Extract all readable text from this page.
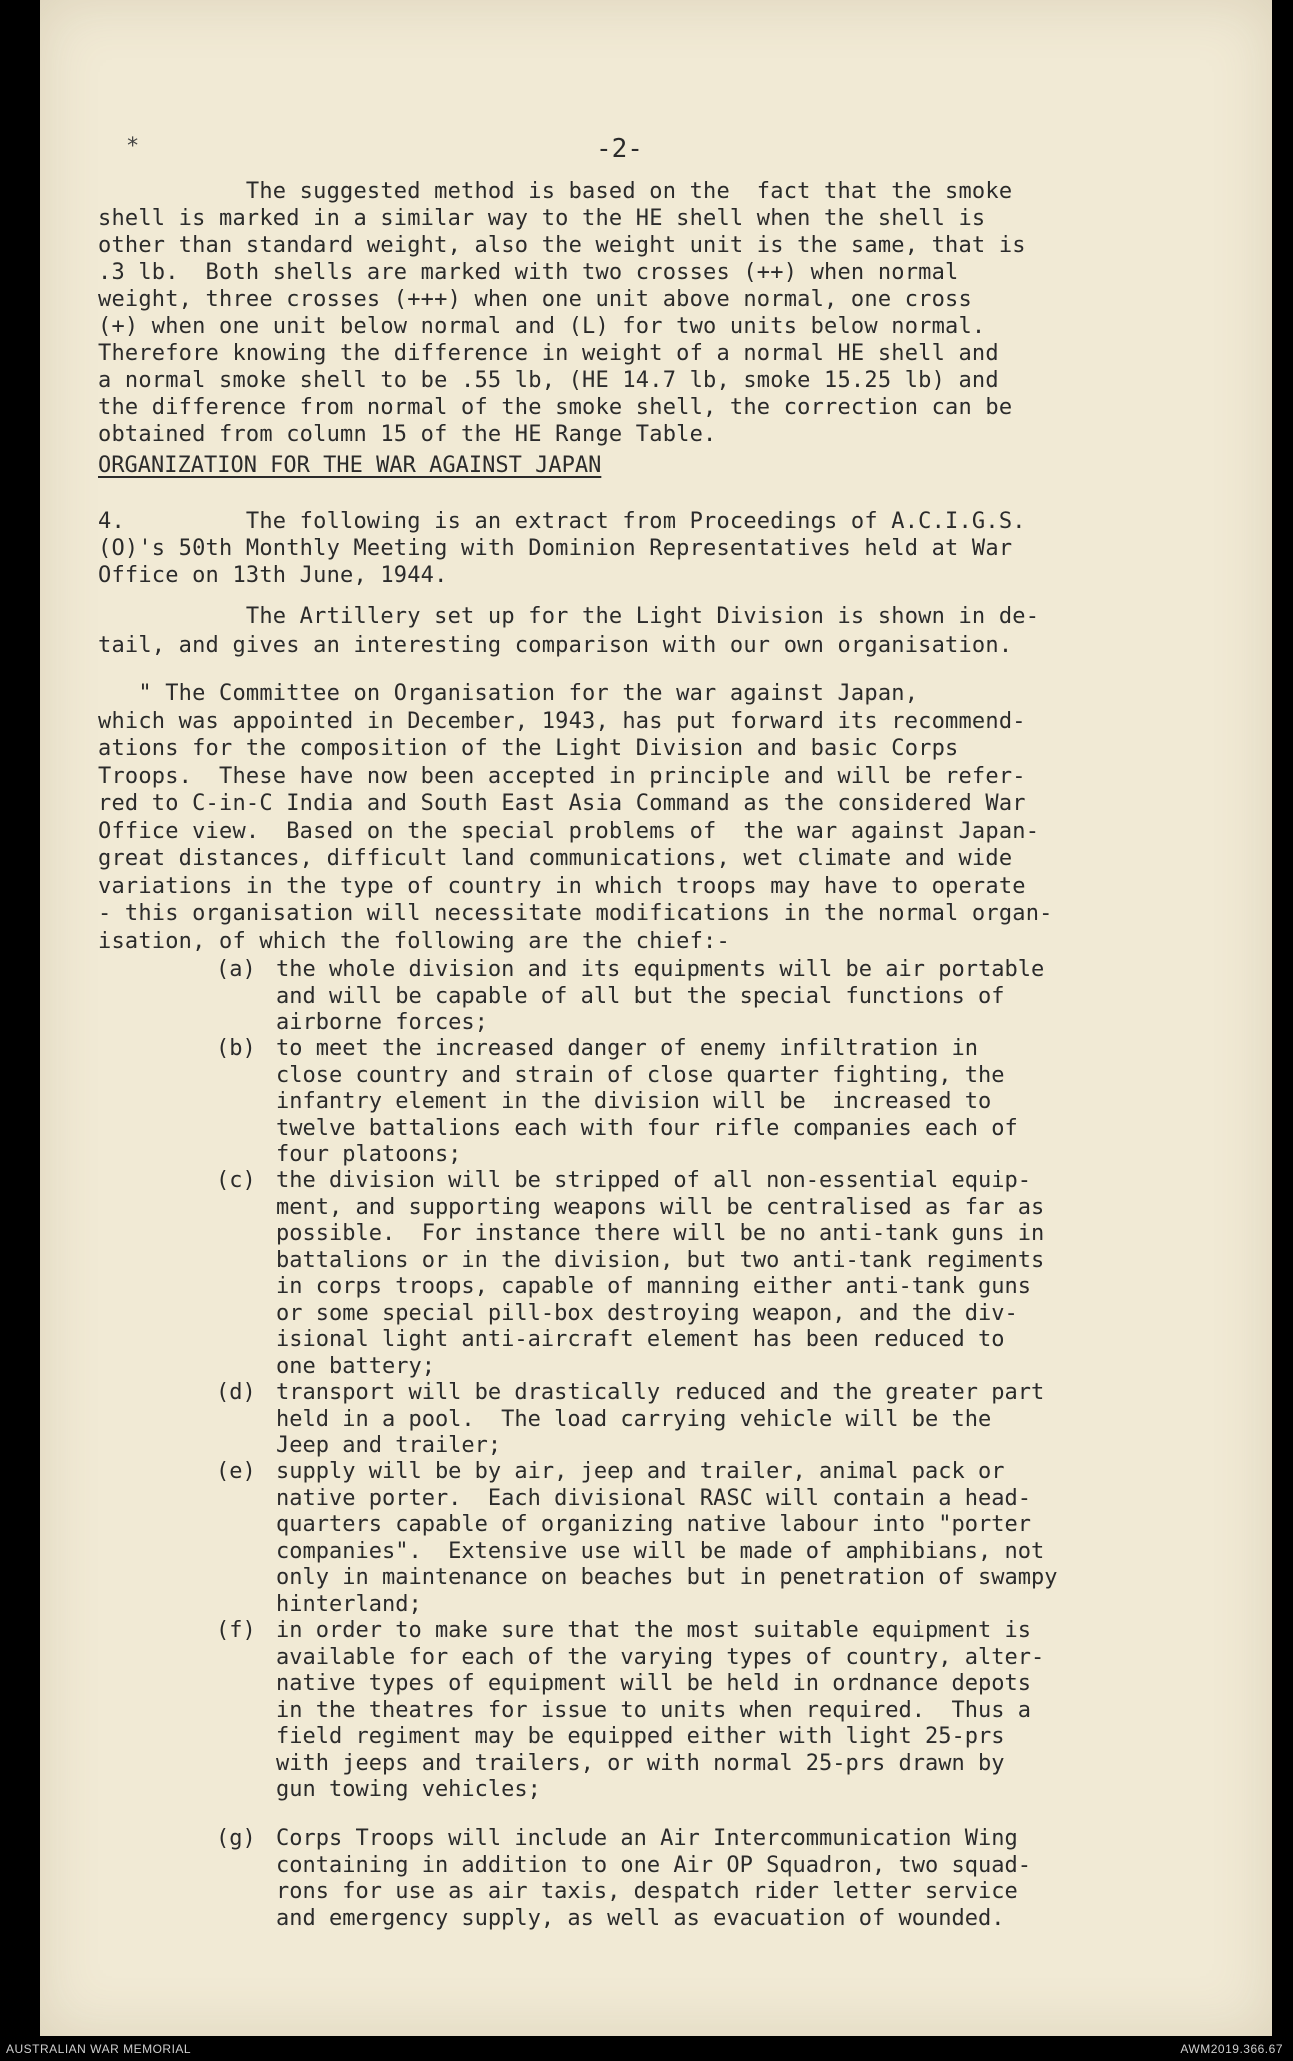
*	-2-
The suggested method is based on the  fact that the smoke
shell is marked in a similar way to the HE shell when the shell is
other than standard weight, also the weight unit is the same, that is
.3 lb.  Both shells are marked with two crosses (++) when normal
weight, three crosses (+++) when one unit above normal, one cross
(+) when one unit below normal and (L) for two units below normal.
Therefore knowing the difference in weight of a normal HE shell and
a normal smoke shell to be .55 lb, (HE 14.7 lb, smoke 15.25 lb) and
the difference from normal of the smoke shell, the correction can be
obtained from column 15 of the HE Range Table.
ORGANIZATION FOR THE WAR AGAINST JAPAN
4.         The following is an extract from Proceedings of A.C.I.G.S.
(O)'s 50th Monthly Meeting with Dominion Representatives held at War
Office on 13th June, 1944.
The Artillery set up for the Light Division is shown in de-
tail, and gives an interesting comparison with our own organisation.
" The Committee on Organisation for the war against Japan,
which was appointed in December, 1943, has put forward its recommend-
ations for the composition of the Light Division and basic Corps
Troops.  These have now been accepted in principle and will be refer-
red to C-in-C India and South East Asia Command as the considered War
Office view.  Based on the special problems of  the war against Japan-
great distances, difficult land communications, wet climate and wide
variations in the type of country in which troops may have to operate
- this organisation will necessitate modifications in the normal organ-
isation, of which the following are the chief:-
(a) the whole division and its equipments will be air portable
and will be capable of all but the special functions of
airborne forces;
(b) to meet the increased danger of enemy infiltration in
close country and strain of close quarter fighting, the
infantry element in the division will be  increased to
twelve battalions each with four rifle companies each of
four platoons;
(c) the division will be stripped of all non-essential equip-
ment, and supporting weapons will be centralised as far as
possible.  For instance there will be no anti-tank guns in
battalions or in the division, but two anti-tank regiments
in corps troops, capable of manning either anti-tank guns
or some special pill-box destroying weapon, and the div-
isional light anti-aircraft element has been reduced to
one battery;
(d) transport will be drastically reduced and the greater part
held in a pool.  The load carrying vehicle will be the
Jeep and trailer;
(e) supply will be by air, jeep and trailer, animal pack or
native porter.  Each divisional RASC will contain a head-
quarters capable of organizing native labour into "porter
companies".  Extensive use will be made of amphibians, not
only in maintenance on beaches but in penetration of swampy
hinterland;
(f) in order to make sure that the most suitable equipment is
available for each of the varying types of country, alter-
native types of equipment will be held in ordnance depots
in the theatres for issue to units when required.  Thus a
field regiment may be equipped either with light 25-prs
with jeeps and trailers, or with normal 25-prs drawn by
gun towing vehicles;
(g) Corps Troops will include an Air Intercommunication Wing
containing in addition to one Air OP Squadron, two squad-
rons for use as air taxis, despatch rider letter service
and emergency supply, as well as evacuation of wounded.
AUSTRALIAN WAR MEMORIAL	AWM2019.366.67
